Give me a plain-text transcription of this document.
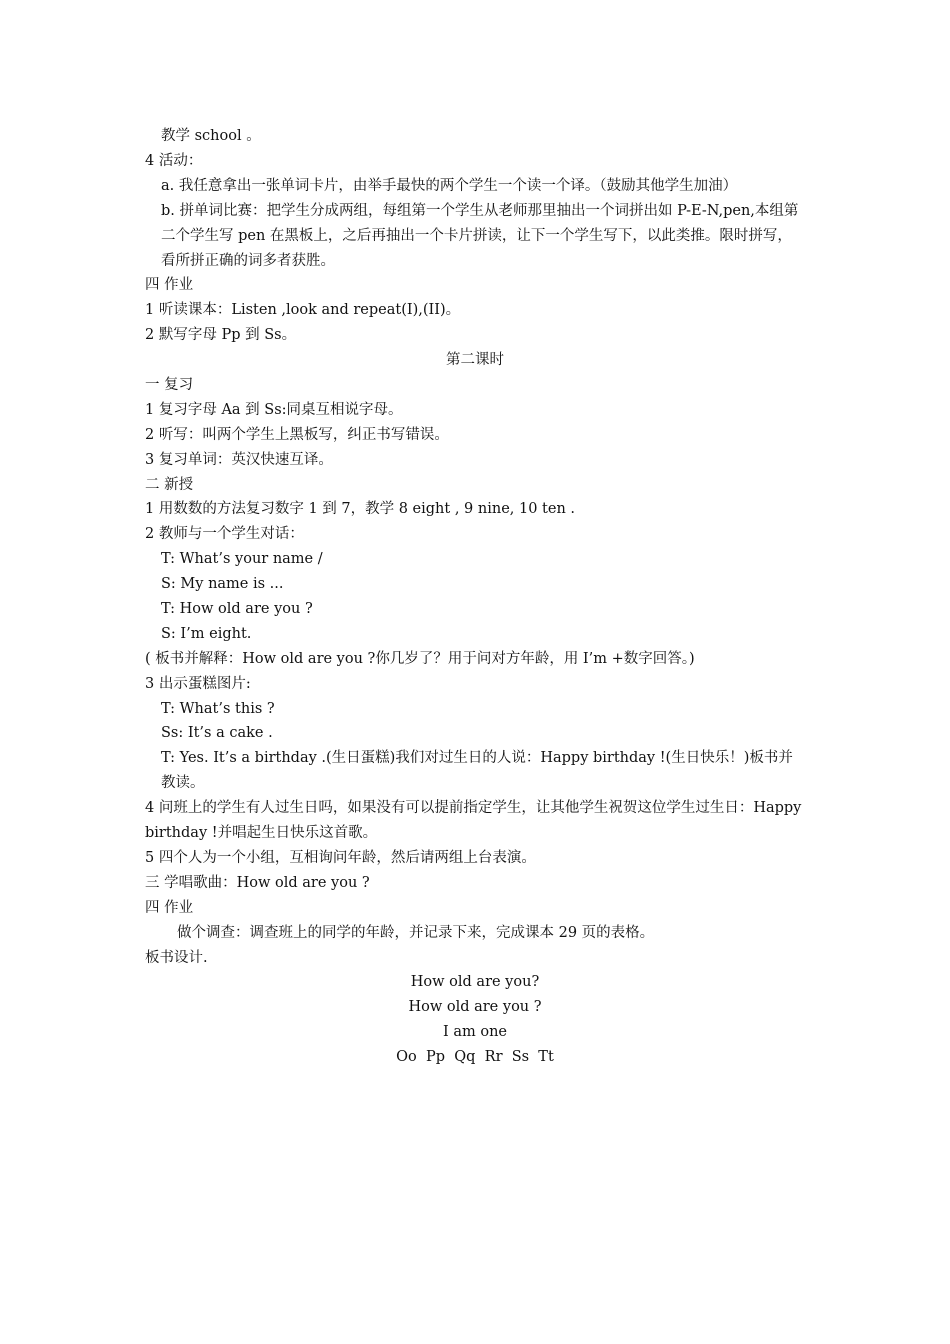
教学 school 。
4 活动：
a. 我任意拿出一张单词卡片，由举手最快的两个学生一个读一个译。（鼓励其他学生加油）
b. 拼单词比赛：把学生分成两组，每组第一个学生从老师那里抽出一个词拼出如 P-E-N,pen,本组第二个学生写 pen 在黑板上，之后再抽出一个卡片拼读，让下一个学生写下，以此类推。限时拼写，看所拼正确的词多者获胜。
四 作业
1 听读课本：Listen ,look and repeat(I),(II)。
2 默写字母 Pp 到 Ss。
第二课时
一 复习
1 复习字母 Aa 到 Ss:同桌互相说字母。
2 听写：叫两个学生上黑板写，纠正书写错误。
3 复习单词：英汉快速互译。
二 新授
1 用数数的方法复习数字 1 到 7，教学 8 eight , 9 nine, 10 ten .
2 教师与一个学生对话：
T: What’s your name /
S: My name is ...
T: How old are you ?
S: I’m eight.
( 板书并解释：How old are you ?你几岁了？用于问对方年龄，用 I’m +数字回答。)
3 出示蛋糕图片:
T: What’s this ?
Ss: It’s a cake .
T: Yes. It’s a birthday .(生日蛋糕)我们对过生日的人说：Happy birthday !(生日快乐！)板书并教读。
4 问班上的学生有人过生日吗，如果没有可以提前指定学生，让其他学生祝贺这位学生过生日：Happy birthday !并唱起生日快乐这首歌。
5 四个人为一个小组，互相询问年龄，然后请两组上台表演。
三 学唱歌曲：How old are you ?
四 作业
做个调查：调查班上的同学的年龄，并记录下来，完成课本 29 页的表格。
板书设计.
How old are you?
How old are you ?
I am one
Oo  Pp  Qq  Rr  Ss  Tt
